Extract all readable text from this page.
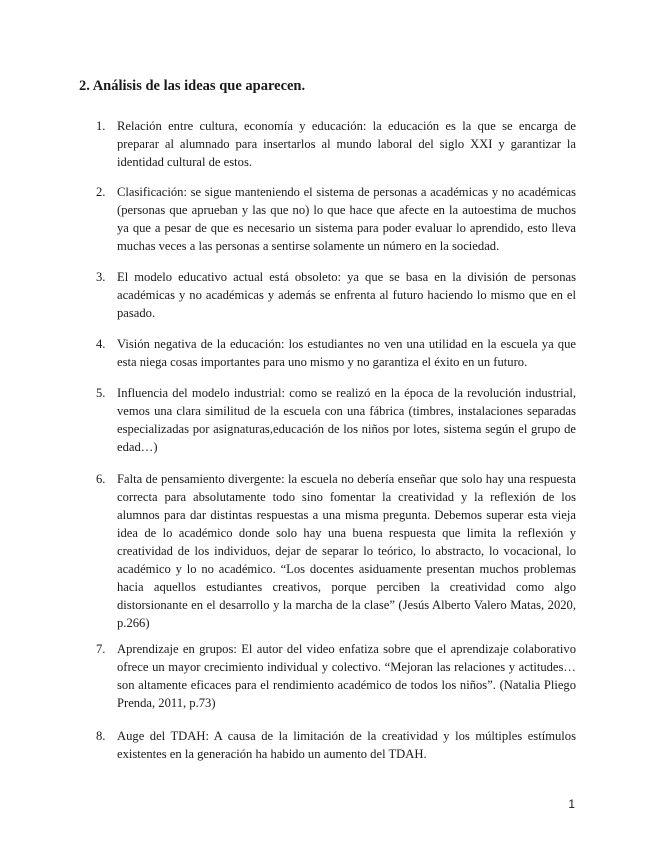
2. Análisis de las ideas que aparecen.
1. Relación entre cultura, economía y educación: la educación es la que se encarga de preparar al alumnado para insertarlos al mundo laboral del siglo XXI y garantizar la identidad cultural de estos.

2. Clasificación: se sigue manteniendo el sistema de personas a académicas y no académicas (personas que aprueban y las que no) lo que hace que afecte en la autoestima de muchos ya que a pesar de que es necesario un sistema para poder evaluar lo aprendido, esto lleva muchas veces a las personas a sentirse solamente un número en la sociedad.

3. El modelo educativo actual está obsoleto: ya que se basa en la división de personas académicas y no académicas y además se enfrenta al futuro haciendo lo mismo que en el pasado.

4. Visión negativa de la educación: los estudiantes no ven una utilidad en la escuela ya que esta niega cosas importantes para uno mismo y no garantiza el éxito en un futuro.

5. Influencia del modelo industrial: como se realizó en la época de la revolución industrial, vemos una clara similitud de la escuela con una fábrica (timbres, instalaciones separadas especializadas por asignaturas,educación de los niños por lotes, sistema según el grupo de edad…)

6. Falta de pensamiento divergente: la escuela no debería enseñar que solo hay una respuesta correcta para absolutamente todo sino fomentar la creatividad y la reflexión de los alumnos para dar distintas respuestas a una misma pregunta. Debemos superar esta vieja idea de lo académico donde solo hay una buena respuesta que limita la reflexión y creatividad de los individuos, dejar de separar lo teórico, lo abstracto, lo vocacional, lo académico y lo no académico. “Los docentes asiduamente presentan muchos problemas hacia aquellos estudiantes creativos, porque perciben la creatividad como algo distorsionante en el desarrollo y la marcha de la clase” (Jesús Alberto Valero Matas, 2020, p.266)

7. Aprendizaje en grupos: El autor del video enfatiza sobre que el aprendizaje colaborativo ofrece un mayor crecimiento individual y colectivo. “Mejoran las relaciones y actitudes… son altamente eficaces para el rendimiento académico de todos los niños”. (Natalia Pliego Prenda, 2011, p.73)

8. Auge del TDAH: A causa de la limitación de la creatividad y los múltiples estímulos existentes en la generación ha habido un aumento del TDAH.

1
